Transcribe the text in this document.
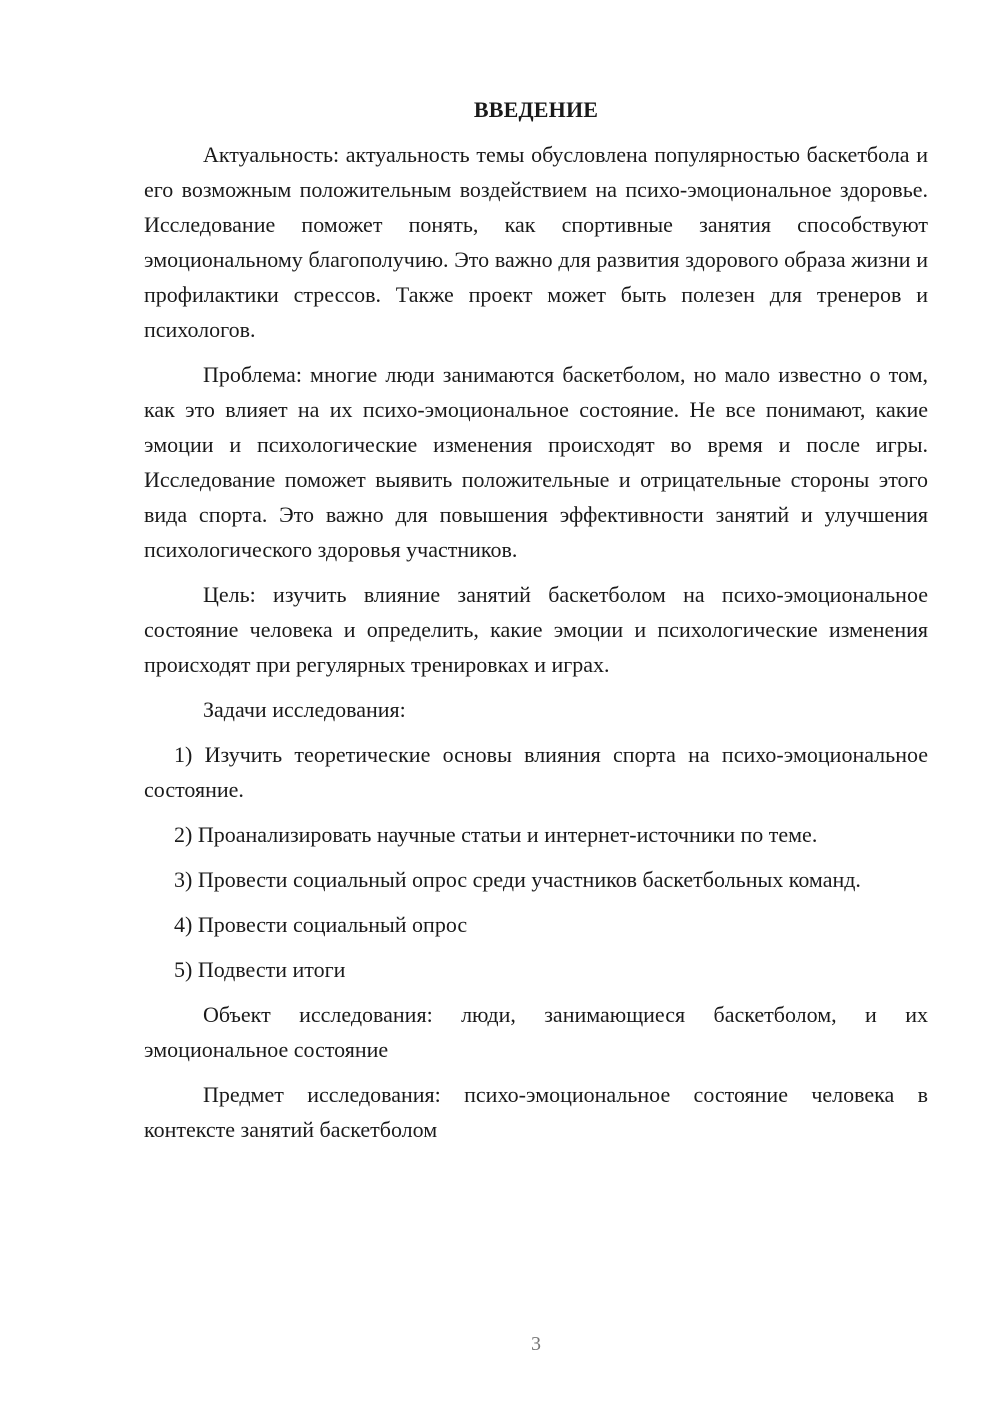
ВВЕДЕНИЕ

Актуальность: актуальность темы обусловлена популярностью баскетбола и его возможным положительным воздействием на психо-эмоциональное здоровье. Исследование поможет понять, как спортивные занятия способствуют эмоциональному благополучию. Это важно для развития здорового образа жизни и профилактики стрессов. Также проект может быть полезен для тренеров и психологов.

Проблема: многие люди занимаются баскетболом, но мало известно о том, как это влияет на их психо-эмоциональное состояние. Не все понимают, какие эмоции и психологические изменения происходят во время и после игры. Исследование поможет выявить положительные и отрицательные стороны этого вида спорта. Это важно для повышения эффективности занятий и улучшения психологического здоровья участников.

Цель: изучить влияние занятий баскетболом на психо-эмоциональное состояние человека и определить, какие эмоции и психологические изменения происходят при регулярных тренировках и играх.

Задачи исследования:

1) Изучить теоретические основы влияния спорта на психо-эмоциональное состояние.

2) Проанализировать научные статьи и интернет-источники по теме.

3) Провести социальный опрос среди участников баскетбольных команд.

4) Провести социальный опрос

5) Подвести итоги

Объект исследования: люди, занимающиеся баскетболом, и их эмоциональное состояние

Предмет исследования: психо-эмоциональное состояние человека в контексте занятий баскетболом

3
